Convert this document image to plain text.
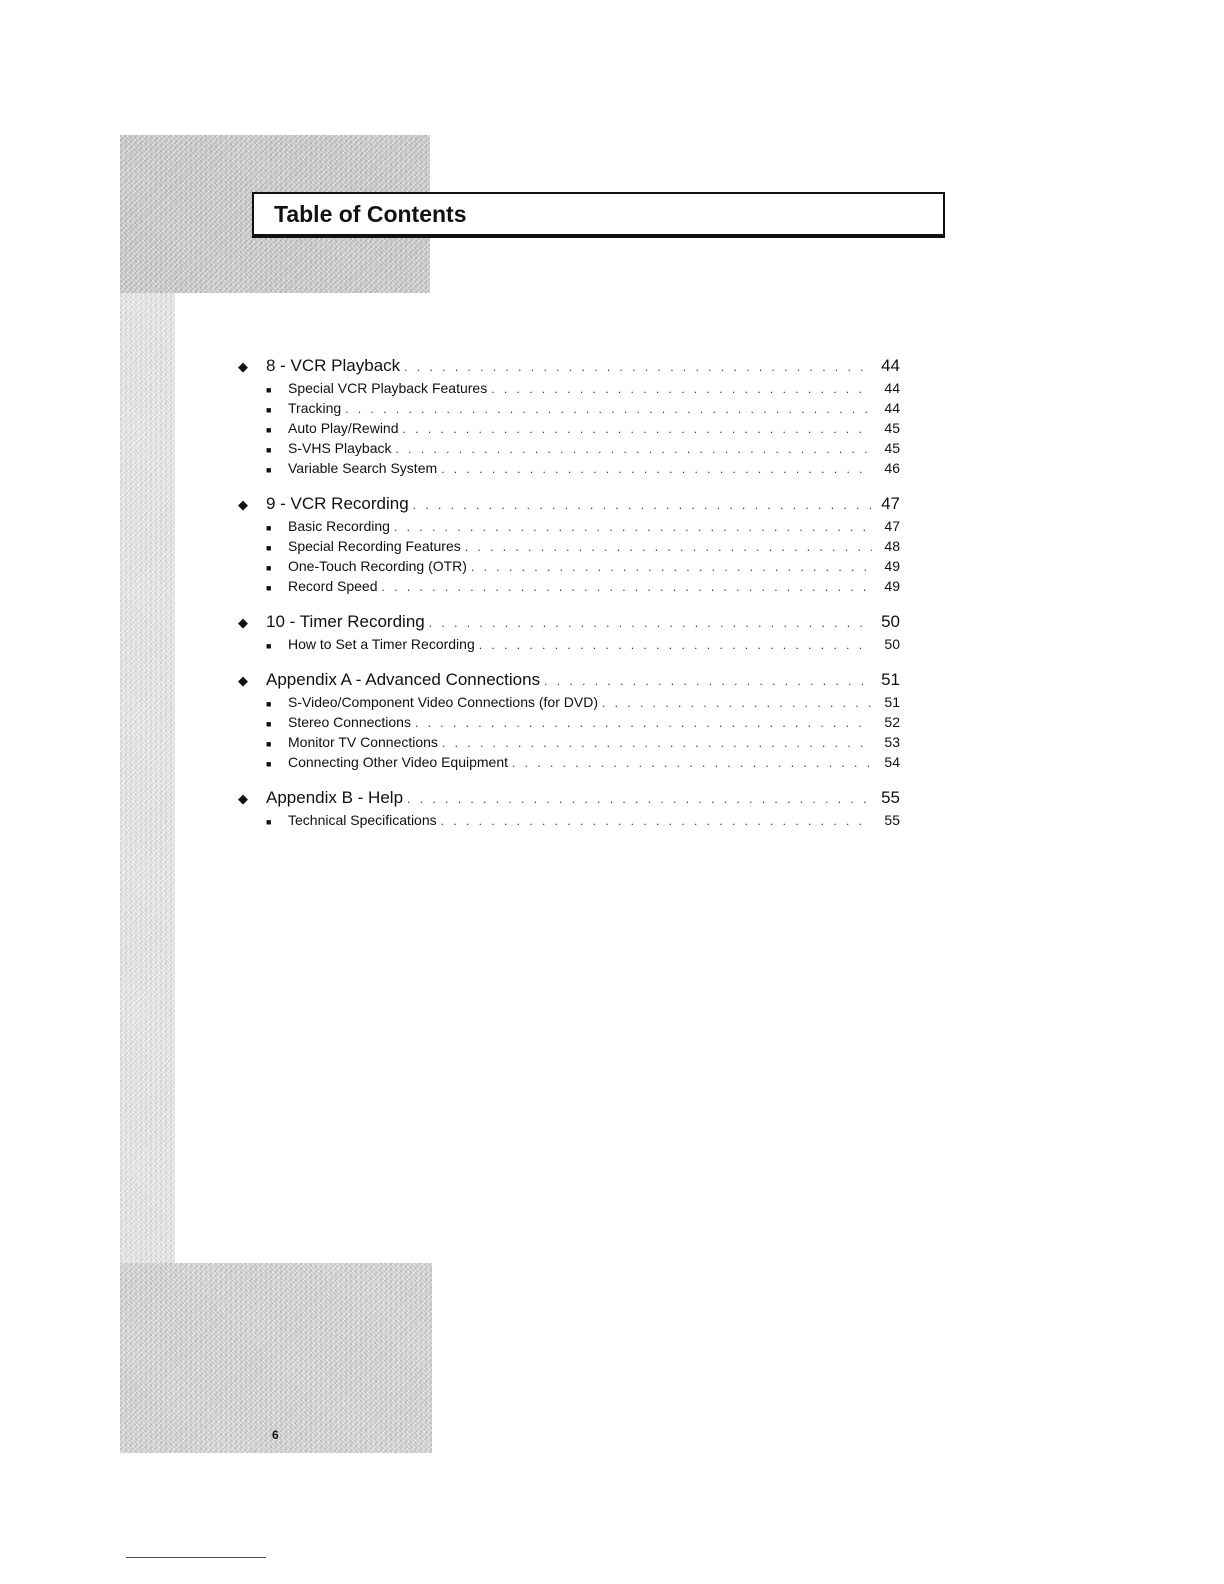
Table of Contents
◆	8 - VCR Playback . . .	44
■	Special VCR Playback Features . . .	44
■	Tracking . . .	44
■	Auto Play/Rewind . . .	45
■	S-VHS Playback . . .	45
■	Variable Search System . . .	46
◆	9 - VCR Recording . . .	47
■	Basic Recording . . .	47
■	Special Recording Features . . .	48
■	One-Touch Recording (OTR) . . .	49
■	Record Speed . . .	49
◆	10 - Timer Recording . . .	50
■	How to Set a Timer Recording . . .	50
◆	Appendix A - Advanced Connections . . .	51
■	S-Video/Component Video Connections (for DVD) . . .	51
■	Stereo Connections . . .	52
■	Monitor TV Connections . . .	53
■	Connecting Other Video Equipment . . .	54
◆	Appendix B - Help . . .	55
■	Technical Specifications . . .	55
6
